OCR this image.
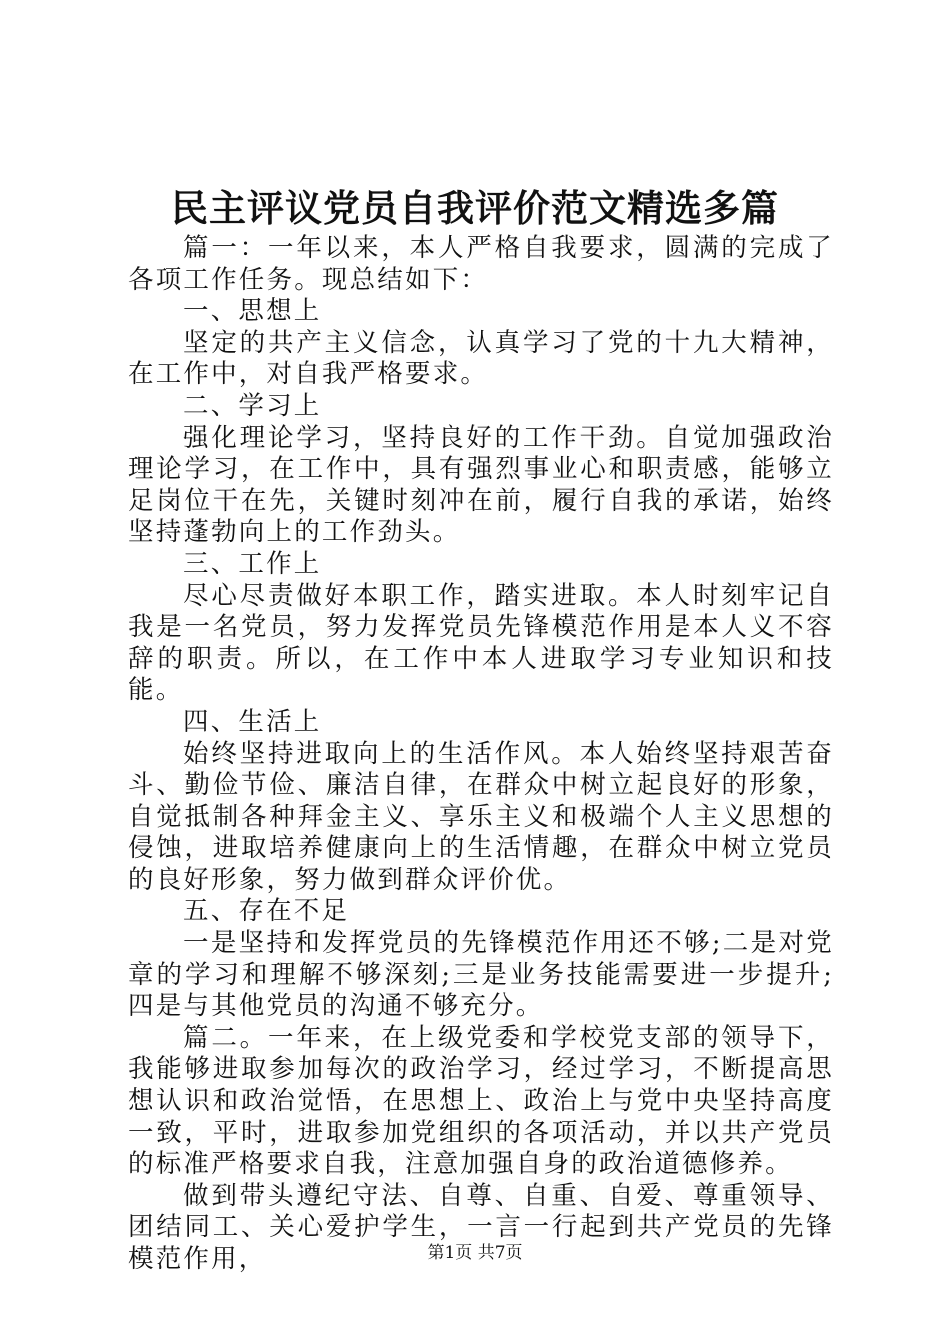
民主评议党员自我评价范文精选多篇

篇一：一年以来，本人严格自我要求，圆满的完成了各项工作任务。现总结如下：

一、思想上

坚定的共产主义信念，认真学习了党的十九大精神，在工作中，对自我严格要求。

二、学习上

强化理论学习，坚持良好的工作干劲。自觉加强政治理论学习，在工作中，具有强烈事业心和职责感，能够立足岗位干在先，关键时刻冲在前，履行自我的承诺，始终坚持蓬勃向上的工作劲头。

三、工作上

尽心尽责做好本职工作，踏实进取。本人时刻牢记自我是一名党员，努力发挥党员先锋模范作用是本人义不容辞的职责。所以，在工作中本人进取学习专业知识和技能。

四、生活上

始终坚持进取向上的生活作风。本人始终坚持艰苦奋斗、勤俭节俭、廉洁自律，在群众中树立起良好的形象，自觉抵制各种拜金主义、享乐主义和极端个人主义思想的侵蚀，进取培养健康向上的生活情趣，在群众中树立党员的良好形象，努力做到群众评价优。

五、存在不足

一是坚持和发挥党员的先锋模范作用还不够;二是对党章的学习和理解不够深刻;三是业务技能需要进一步提升;四是与其他党员的沟通不够充分。

篇二。一年来，在上级党委和学校党支部的领导下，我能够进取参加每次的政治学习，经过学习，不断提高思想认识和政治觉悟，在思想上、政治上与党中央坚持高度一致，平时，进取参加党组织的各项活动，并以共产党员的标准严格要求自我，注意加强自身的政治道德修养。

做到带头遵纪守法、自尊、自重、自爱、尊重领导、团结同工、关心爱护学生，一言一行起到共产党员的先锋模范作用，	第1页 共7页
